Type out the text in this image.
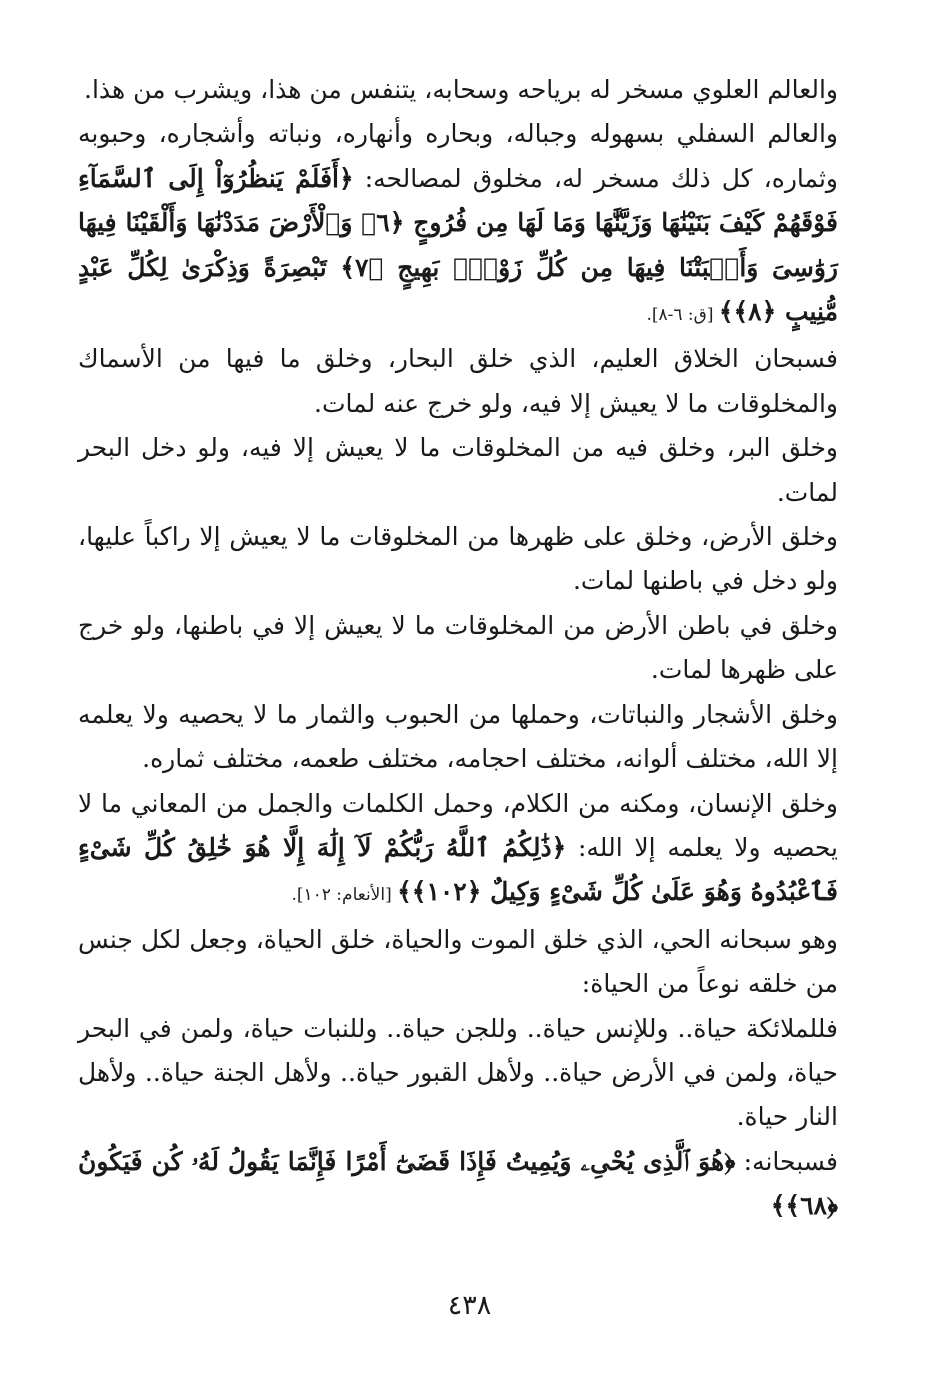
والعالم العلوي مسخر له برياحه وسحابه، يتنفس من هذا، ويشرب من هذا.

والعالم السفلي بسهوله وجباله، وبحاره وأنهاره، ونباته وأشجاره، وحبوبه وثماره، كل ذلك مسخر له، مخلوق لمصالحه: ﴿أَفَلَمْ يَنظُرُوٓاْ إِلَى ٱلسَّمَآءِ فَوْقَهُمْ كَيْفَ بَنَيْنَٰهَا وَزَيَّنَّٰهَا وَمَا لَهَا مِن فُرُوجٍ ﴿٦﴾ وَٱلْأَرْضَ مَدَدْنَٰهَا وَأَلْقَيْنَا فِيهَا رَوَٰسِىَ وَأَنۢبَتْنَا فِيهَا مِن كُلِّ زَوْجٍۭ بَهِيجٍ ﴿٧﴾ تَبْصِرَةً وَذِكْرَىٰ لِكُلِّ عَبْدٍ مُّنِيبٍ ﴿٨﴾﴾ [ق: ٦-٨].

فسبحان الخلاق العليم، الذي خلق البحار، وخلق ما فيها من الأسماك والمخلوقات ما لا يعيش إلا فيه، ولو خرج عنه لمات.

وخلق البر، وخلق فيه من المخلوقات ما لا يعيش إلا فيه، ولو دخل البحر لمات.

وخلق الأرض، وخلق على ظهرها من المخلوقات ما لا يعيش إلا راكباً عليها، ولو دخل في باطنها لمات.

وخلق في باطن الأرض من المخلوقات ما لا يعيش إلا في باطنها، ولو خرج على ظهرها لمات.

وخلق الأشجار والنباتات، وحملها من الحبوب والثمار ما لا يحصيه ولا يعلمه إلا الله، مختلف ألوانه، مختلف احجامه، مختلف طعمه، مختلف ثماره.

وخلق الإنسان، ومكنه من الكلام، وحمل الكلمات والجمل من المعاني ما لا يحصيه ولا يعلمه إلا الله: ﴿ذَٰلِكُمُ ٱللَّهُ رَبُّكُمْ لَآ إِلَٰهَ إِلَّا هُوَ خَٰلِقُ كُلِّ شَىْءٍ فَٱعْبُدُوهُ وَهُوَ عَلَىٰ كُلِّ شَىْءٍ وَكِيلٌ ﴿١٠٢﴾﴾ [الأنعام: ١٠٢].

وهو سبحانه الحي، الذي خلق الموت والحياة، خلق الحياة، وجعل لكل جنس من خلقه نوعاً من الحياة:

فللملائكة حياة.. وللإنس حياة.. وللجن حياة.. وللنبات حياة، ولمن في البحر حياة، ولمن في الأرض حياة.. ولأهل القبور حياة.. ولأهل الجنة حياة.. ولأهل النار حياة.

فسبحانه: ﴿هُوَ ٱلَّذِى يُحْىِۦ وَيُمِيتُ فَإِذَا قَضَىٰٓ أَمْرًا فَإِنَّمَا يَقُولُ لَهُۥ كُن فَيَكُونُ ﴿٦٨﴾﴾

٤٣٨
